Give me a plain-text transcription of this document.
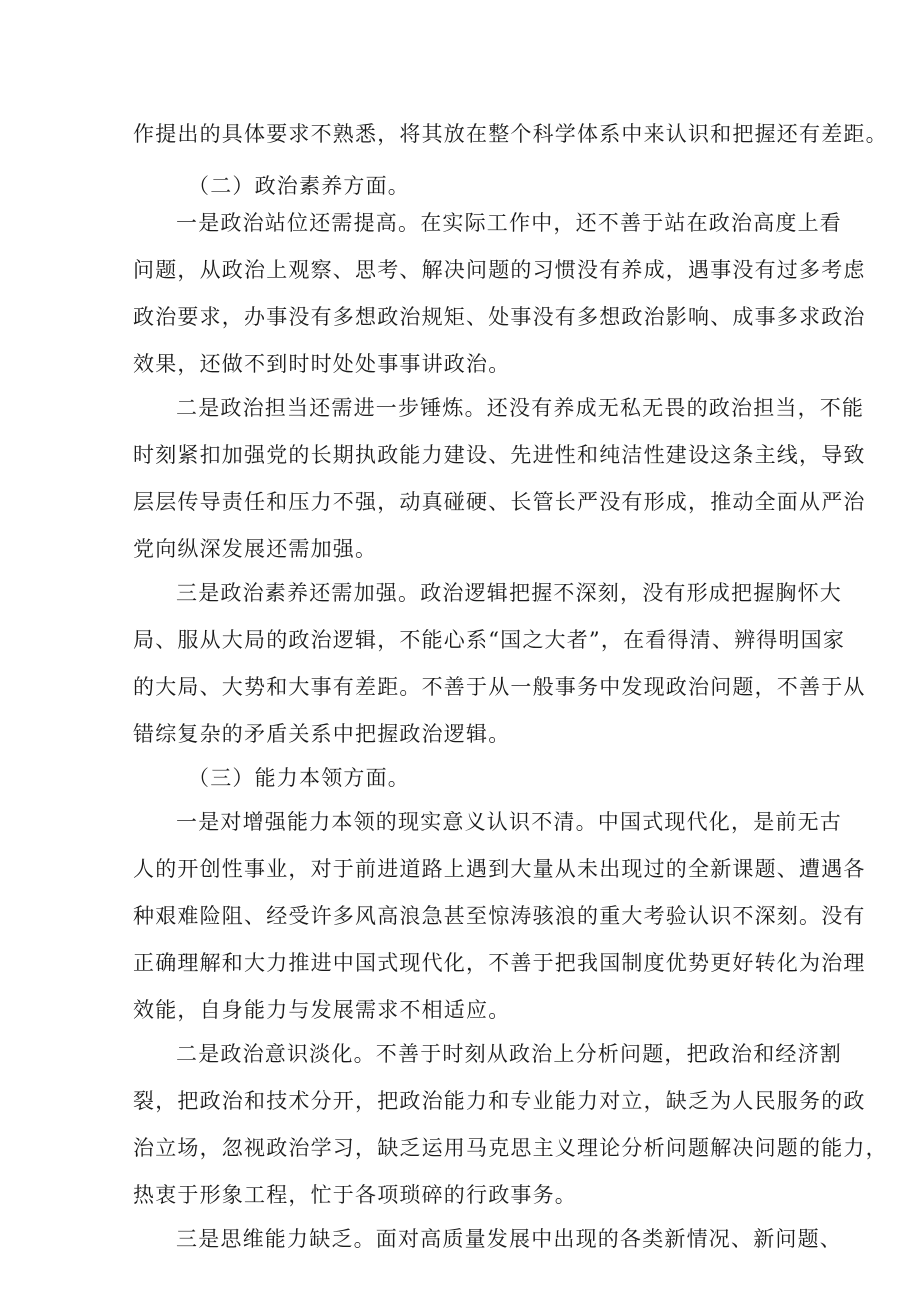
作提出的具体要求不熟悉，将其放在整个科学体系中来认识和把握还有差距。
（二）政治素养方面。
一是政治站位还需提高。在实际工作中，还不善于站在政治高度上看
问题，从政治上观察、思考、解决问题的习惯没有养成，遇事没有过多考虑
政治要求，办事没有多想政治规矩、处事没有多想政治影响、成事多求政治
效果，还做不到时时处处事事讲政治。
二是政治担当还需进一步锤炼。还没有养成无私无畏的政治担当，不能
时刻紧扣加强党的长期执政能力建设、先进性和纯洁性建设这条主线，导致
层层传导责任和压力不强，动真碰硬、长管长严没有形成，推动全面从严治
党向纵深发展还需加强。
三是政治素养还需加强。政治逻辑把握不深刻，没有形成把握胸怀大
局、服从大局的政治逻辑，不能心系“国之大者”，在看得清、辨得明国家
的大局、大势和大事有差距。不善于从一般事务中发现政治问题，不善于从
错综复杂的矛盾关系中把握政治逻辑。
（三）能力本领方面。
一是对增强能力本领的现实意义认识不清。中国式现代化，是前无古
人的开创性事业，对于前进道路上遇到大量从未出现过的全新课题、遭遇各
种艰难险阻、经受许多风高浪急甚至惊涛骇浪的重大考验认识不深刻。没有
正确理解和大力推进中国式现代化，不善于把我国制度优势更好转化为治理
效能，自身能力与发展需求不相适应。
二是政治意识淡化。不善于时刻从政治上分析问题，把政治和经济割
裂，把政治和技术分开，把政治能力和专业能力对立，缺乏为人民服务的政
治立场，忽视政治学习，缺乏运用马克思主义理论分析问题解决问题的能力，
热衷于形象工程，忙于各项琐碎的行政事务。
三是思维能力缺乏。面对高质量发展中出现的各类新情况、新问题、
